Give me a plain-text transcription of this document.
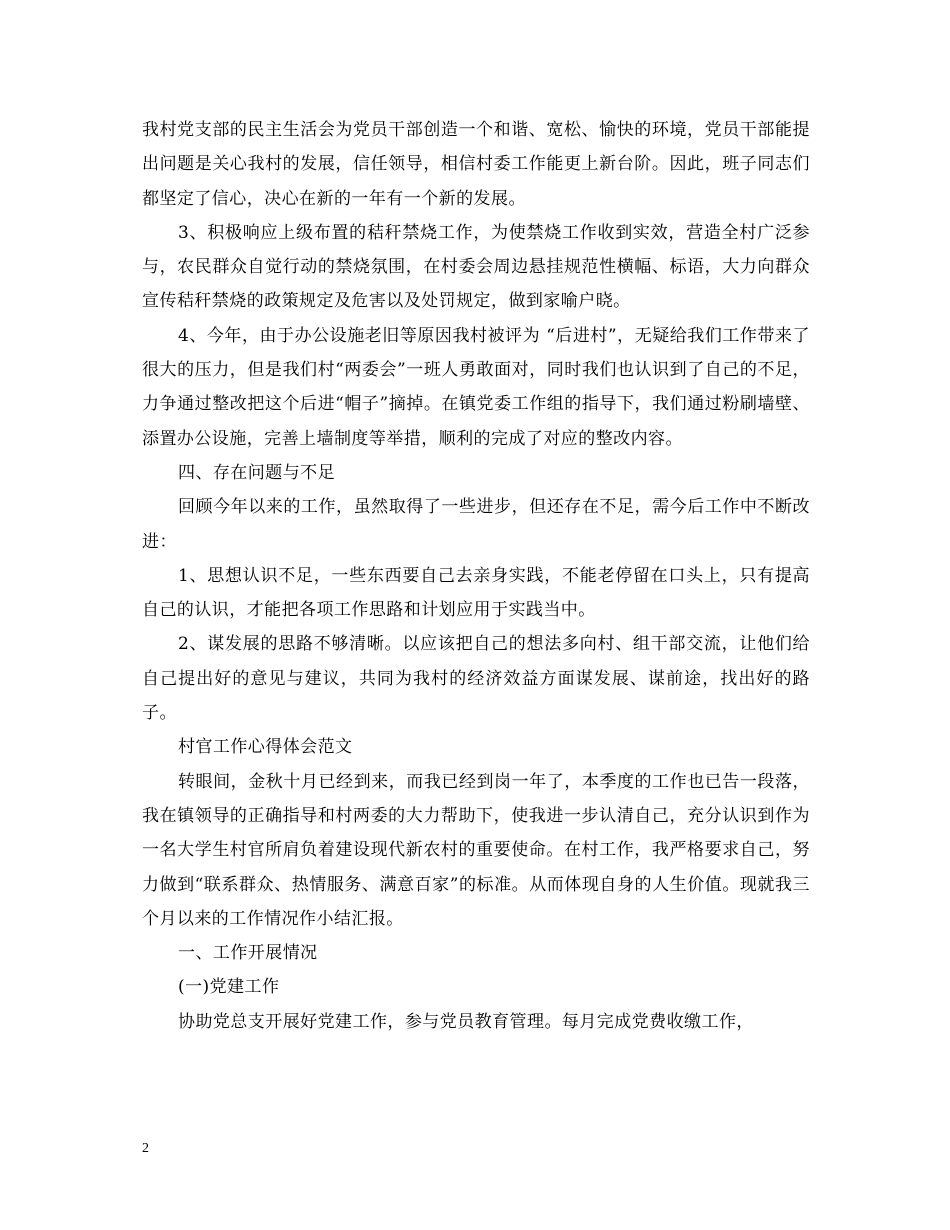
我村党支部的民主生活会为党员干部创造一个和谐、宽松、愉快的环境，党员干部能提出问题是关心我村的发展，信任领导，相信村委工作能更上新台阶。因此，班子同志们都坚定了信心，决心在新的一年有一个新的发展。

3、积极响应上级布置的秸秆禁烧工作，为使禁烧工作收到实效，营造全村广泛参与，农民群众自觉行动的禁烧氛围，在村委会周边悬挂规范性横幅、标语，大力向群众宣传秸秆禁烧的政策规定及危害以及处罚规定，做到家喻户晓。

4、今年，由于办公设施老旧等原因我村被评为 “后进村”，无疑给我们工作带来了很大的压力，但是我们村“两委会”一班人勇敢面对，同时我们也认识到了自己的不足，力争通过整改把这个后进“帽子”摘掉。在镇党委工作组的指导下，我们通过粉刷墙壁、添置办公设施，完善上墙制度等举措，顺利的完成了对应的整改内容。

四、存在问题与不足

回顾今年以来的工作，虽然取得了一些进步，但还存在不足，需今后工作中不断改进：

1、思想认识不足，一些东西要自己去亲身实践，不能老停留在口头上，只有提高自己的认识，才能把各项工作思路和计划应用于实践当中。

2、谋发展的思路不够清晰。以应该把自己的想法多向村、组干部交流，让他们给自己提出好的意见与建议，共同为我村的经济效益方面谋发展、谋前途，找出好的路子。

村官工作心得体会范文

转眼间，金秋十月已经到来，而我已经到岗一年了，本季度的工作也已告一段落，我在镇领导的正确指导和村两委的大力帮助下，使我进一步认清自己，充分认识到作为一名大学生村官所肩负着建设现代新农村的重要使命。在村工作，我严格要求自己，努力做到“联系群众、热情服务、满意百家”的标准。从而体现自身的人生价值。现就我三个月以来的工作情况作小结汇报。

一、工作开展情况

(一)党建工作

协助党总支开展好党建工作，参与党员教育管理。每月完成党费收缴工作，

2
